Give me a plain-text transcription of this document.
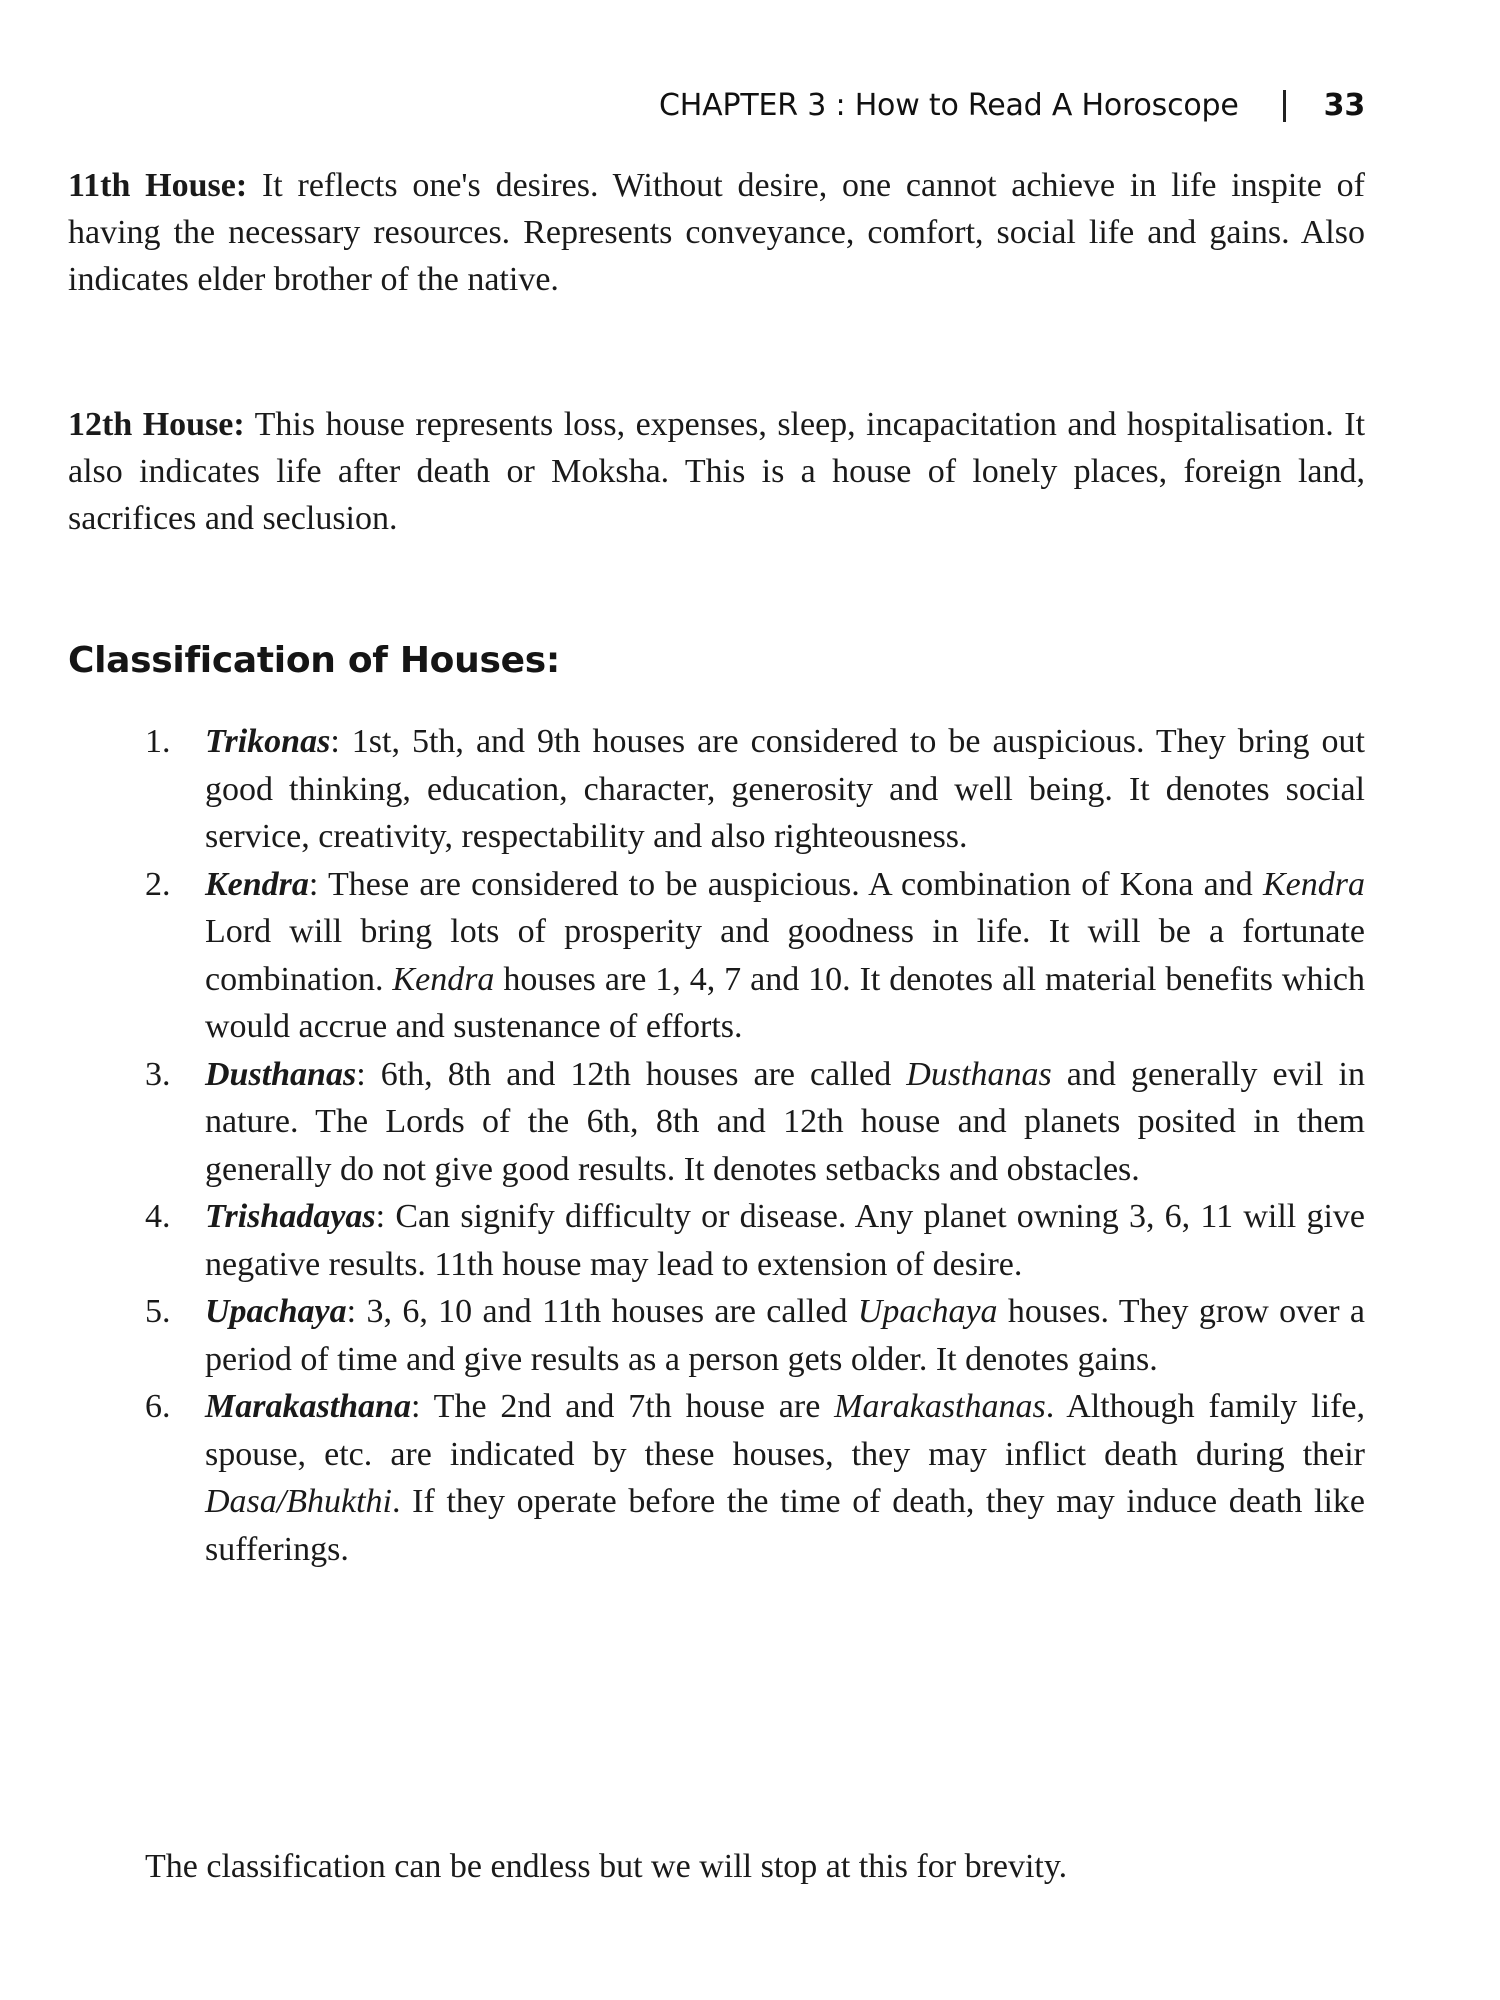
CHAPTER 3 : How to Read A Horoscope	33

11th House: It reflects one's desires. Without desire, one cannot achieve in life inspite of having the necessary resources. Represents conveyance, comfort, social life and gains. Also indicates elder brother of the native.

12th House: This house represents loss, expenses, sleep, incapacitation and hospitalisation. It also indicates life after death or Moksha. This is a house of lonely places, foreign land, sacrifices and seclusion.

Classification of Houses:
1. Trikonas: 1st, 5th, and 9th houses are considered to be auspicious. They bring out good thinking, education, character, generosity and well being. It denotes social service, creativity, respectability and also righteousness.
2. Kendra: These are considered to be auspicious. A combination of Kona and Kendra Lord will bring lots of prosperity and goodness in life. It will be a fortunate combination. Kendra houses are 1, 4, 7 and 10. It denotes all material benefits which would accrue and sustenance of efforts.
3. Dusthanas: 6th, 8th and 12th houses are called Dusthanas and generally evil in nature. The Lords of the 6th, 8th and 12th house and planets posited in them generally do not give good results. It denotes setbacks and obstacles.
4. Trishadayas: Can signify difficulty or disease. Any planet owning 3, 6, 11 will give negative results. 11th house may lead to extension of desire.
5. Upachaya: 3, 6, 10 and 11th houses are called Upachaya houses. They grow over a period of time and give results as a person gets older. It denotes gains.
6. Marakasthana: The 2nd and 7th house are Marakasthanas. Although family life, spouse, etc. are indicated by these houses, they may inflict death during their Dasa/Bhukthi. If they operate before the time of death, they may induce death like sufferings.

The classification can be endless but we will stop at this for brevity.
